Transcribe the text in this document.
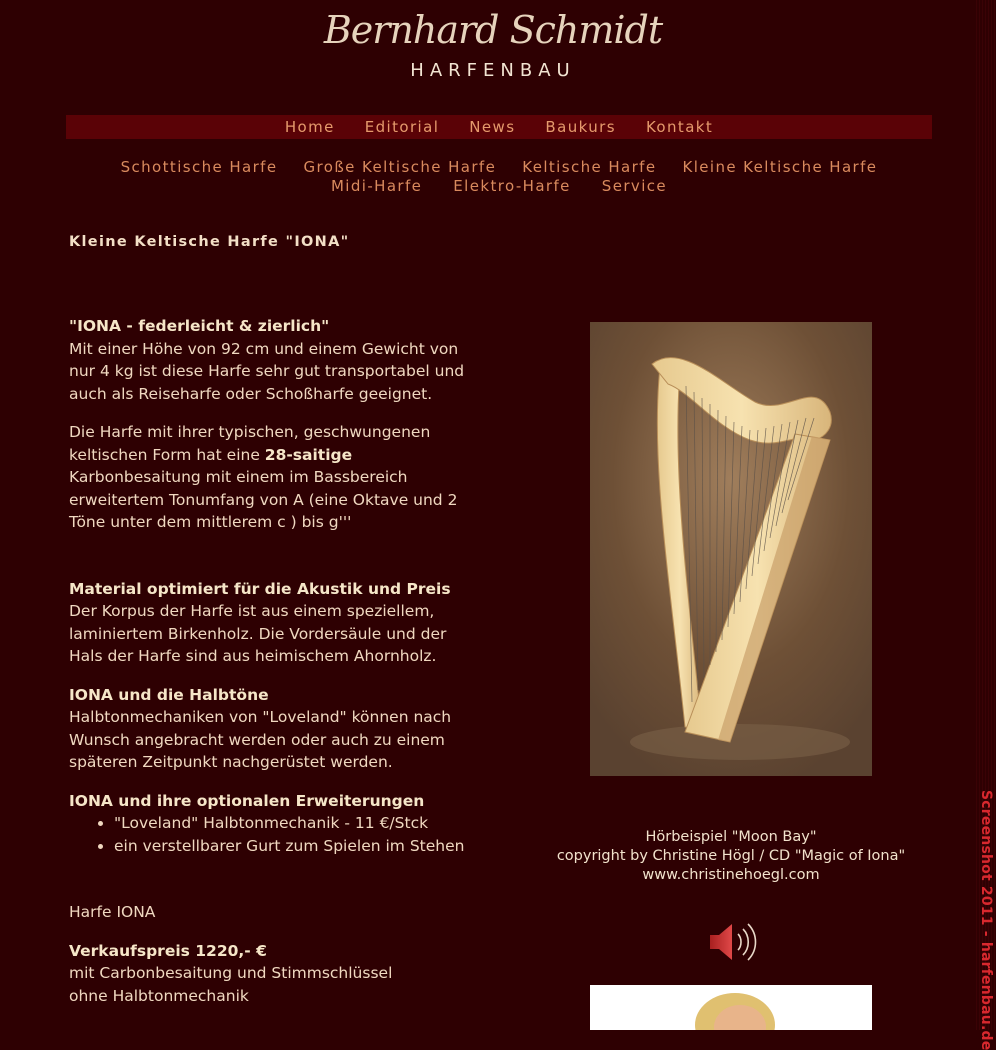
Screenshot 2011 - harfenbau.de
Bernhard Schmidt
HARFENBAU
Home Editorial News Baukurs Kontakt
Schottische Harfe Große Keltische Harfe Keltische Harfe Kleine Keltische Harfe
Midi-Harfe Elektro-Harfe Service
Kleine Keltische Harfe "IONA"

"IONA - federleicht & zierlich"
Mit einer Höhe von 92 cm und einem Gewicht von nur 4 kg ist diese Harfe sehr gut transportabel und auch als Reiseharfe oder Schoßharfe geeignet.

Die Harfe mit ihrer typischen, geschwungenen keltischen Form hat eine 28-saitige Karbonbesaitung mit einem im Bassbereich erweitertem Tonumfang von A (eine Oktave und 2 Töne unter dem mittlerem c ) bis g'''

Material optimiert für die Akustik und Preis
Der Korpus der Harfe ist aus einem speziellem, laminiertem Birkenholz. Die Vordersäule und der Hals der Harfe sind aus heimischem Ahornholz.

IONA und die Halbtöne
Halbtonmechaniken von "Loveland" können nach Wunsch angebracht werden oder auch zu einem späteren Zeitpunkt nachgerüstet werden.

IONA und ihre optionalen Erweiterungen

• "Loveland" Halbtonmechanik - 11 €/Stck
• ein verstellbarer Gurt zum Spielen im Stehen

Harfe IONA

Verkaufspreis 1220,- €
mit Carbonbesaitung und Stimmschlüssel
ohne Halbtonmechanik

Hörbeispiel "Moon Bay"
copyright by Christine Högl / CD "Magic of Iona"
www.christinehoegl.com
